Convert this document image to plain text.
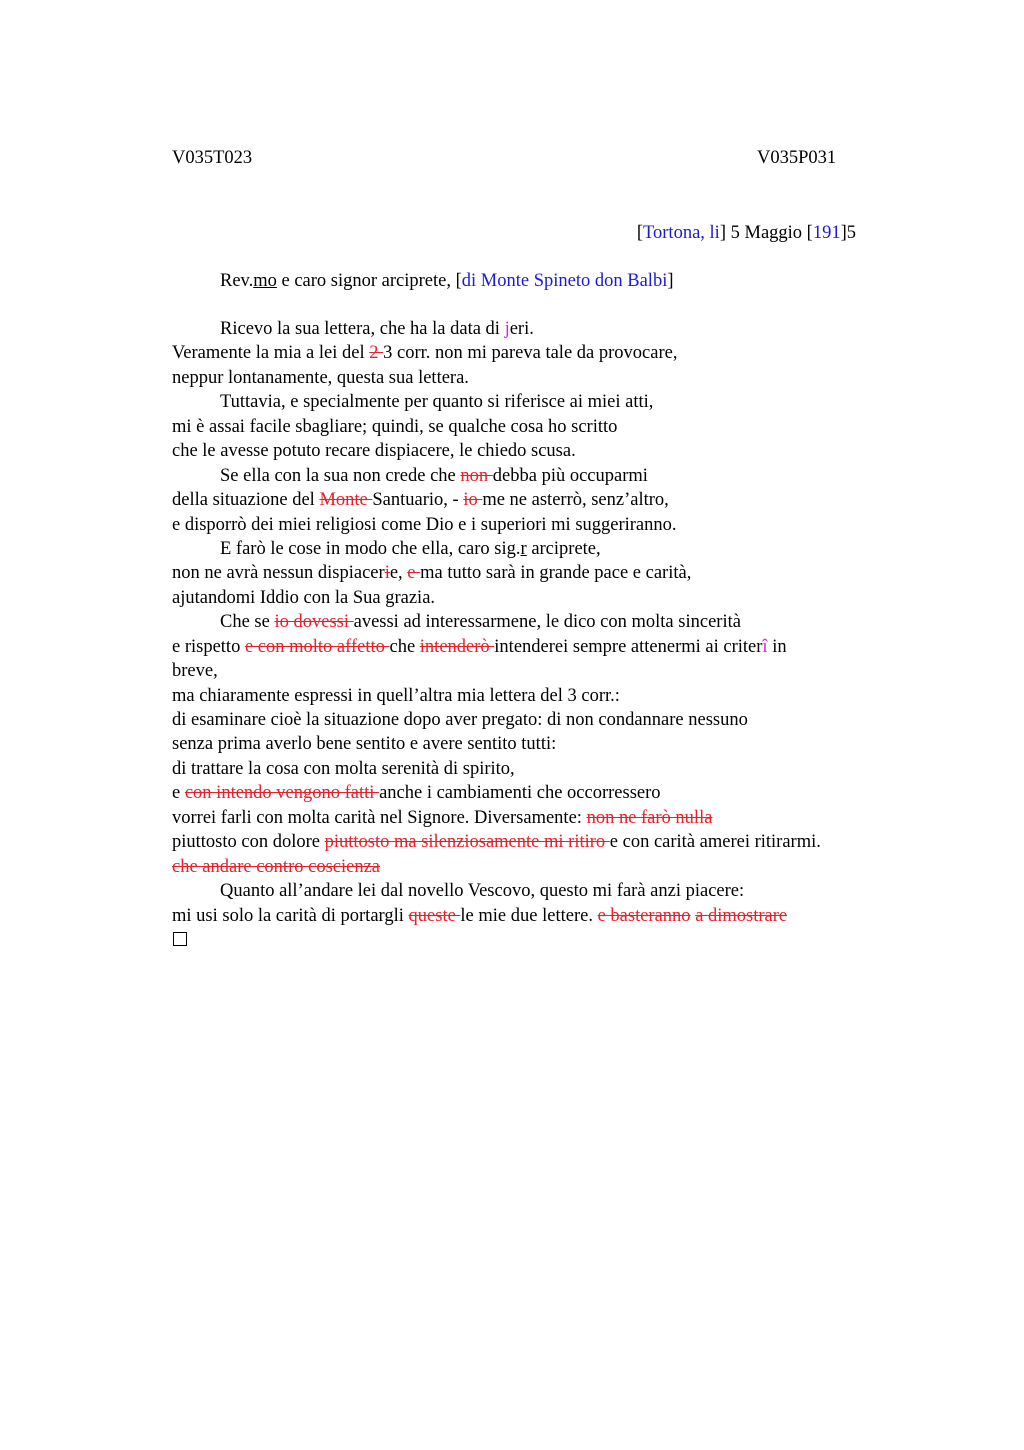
V035T023	V035P031
[Tortona, li] 5 Maggio [191]5
Rev.mo e caro signor arciprete, [di Monte Spineto don Balbi]
Ricevo la sua lettera, che ha la data di jeri.
Veramente la mia a lei del 2 3 corr. non mi pareva tale da provocare,
neppur lontanamente, questa sua lettera.
Tuttavia, e specialmente per quanto si riferisce ai miei atti,
mi è assai facile sbagliare; quindi, se qualche cosa ho scritto
che le avesse potuto recare dispiacere, le chiedo scusa.
Se ella con la sua non crede che non debba più occuparmi
della situazione del Monte Santuario, - io me ne asterrò, senz’altro,
e disporrò dei miei religiosi come Dio e i superiori mi suggeriranno.
E farò le cose in modo che ella, caro sig.r arciprete,
non ne avrà nessun dispiacerie, e ma tutto sarà in grande pace e carità,
ajutandomi Iddio con la Sua grazia.
Che se io dovessi avessi ad interessarmene, le dico con molta sincerità
e rispetto e con molto affetto che intenderò intenderei sempre attenermi ai criterî in
breve,
ma chiaramente espressi in quell’altra mia lettera del 3 corr.:
di esaminare cioè la situazione dopo aver pregato: di non condannare nessuno
senza prima averlo bene sentito e avere sentito tutti:
di trattare la cosa con molta serenità di spirito,
e con intendo vengono fatti anche i cambiamenti che occorressero
vorrei farli con molta carità nel Signore. Diversamente: non ne farò nulla
piuttosto con dolore piuttosto ma silenziosamente mi ritiro e con carità amerei ritirarmi.
che andare contro coscienza
Quanto all’andare lei dal novello Vescovo, questo mi farà anzi piacere:
mi usi solo la carità di portargli queste le mie due lettere. e basteranno a dimostrare
